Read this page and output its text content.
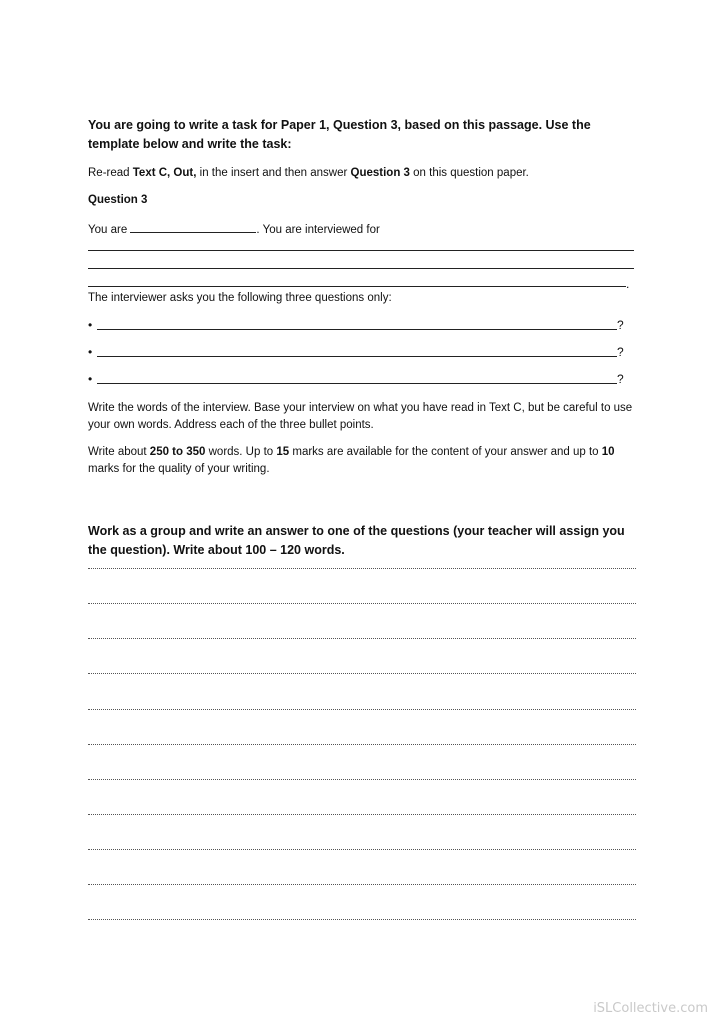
You are going to write a task for Paper 1, Question 3, based on this passage. Use the template below and write the task:

Re-read Text C, Out, in the insert and then answer Question 3 on this question paper.

Question 3

You are	. You are interviewed for

The interviewer asks you the following three questions only:

Write the words of the interview. Base your interview on what you have read in Text C, but be careful to use your own words. Address each of the three bullet points.

Write about 250 to 350 words. Up to 15 marks are available for the content of your answer and up to 10 marks for the quality of your writing.

Work as a group and write an answer to one of the questions (your teacher will assign you the question). Write about 100 – 120 words.

.
•	?
•	?
•	?
iSLCollective.com
